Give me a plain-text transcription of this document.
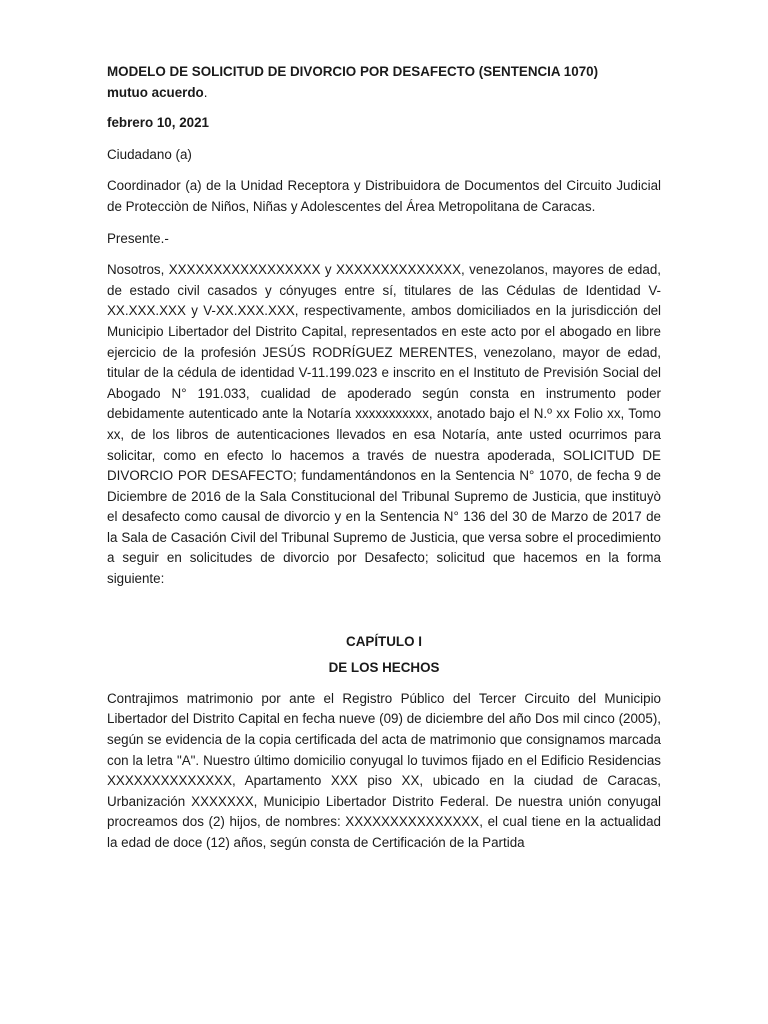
MODELO DE SOLICITUD DE DIVORCIO POR DESAFECTO (SENTENCIA 1070)

mutuo acuerdo.

febrero 10, 2021

Ciudadano (a)

Coordinador (a) de la Unidad Receptora y Distribuidora de Documentos del Circuito Judicial de Protecciòn de Niños, Niñas y Adolescentes del Área Metropolitana de Caracas.

Presente.-

Nosotros, XXXXXXXXXXXXXXXXX y XXXXXXXXXXXXXX, venezolanos, mayores de edad, de estado civil casados y cónyuges entre sí, titulares de las Cédulas de Identidad V-XX.XXX.XXX y V-XX.XXX.XXX, respectivamente, ambos domiciliados en la jurisdicción del Municipio Libertador del Distrito Capital, representados en este acto por el abogado en libre ejercicio de la profesión JESÚS RODRÍGUEZ MERENTES, venezolano, mayor de edad, titular de la cédula de identidad V-11.199.023 e inscrito en el Instituto de Previsión Social del Abogado N° 191.033, cualidad de apoderado según consta en instrumento poder debidamente autenticado ante la Notaría xxxxxxxxxxx, anotado bajo el N.º xx Folio xx, Tomo xx, de los libros de autenticaciones llevados en esa Notaría, ante usted ocurrimos para solicitar, como en efecto lo hacemos a través de nuestra apoderada, SOLICITUD DE DIVORCIO POR DESAFECTO; fundamentándonos en la Sentencia N° 1070, de fecha 9 de Diciembre de 2016 de la Sala Constitucional del Tribunal Supremo de Justicia, que instituyò el desafecto como causal de divorcio y en la Sentencia N° 136 del 30 de Marzo de 2017 de la Sala de Casación Civil del Tribunal Supremo de Justicia, que versa sobre el procedimiento a seguir en solicitudes de divorcio por Desafecto; solicitud que hacemos en la forma siguiente:

CAPÍTULO I

DE LOS HECHOS

Contrajimos matrimonio por ante el Registro Público del Tercer Circuito del Municipio Libertador del Distrito Capital en fecha nueve (09) de diciembre del año Dos mil cinco (2005), según se evidencia de la copia certificada del acta de matrimonio que consignamos marcada con la letra "A". Nuestro último domicilio conyugal lo tuvimos fijado en el Edificio Residencias XXXXXXXXXXXXXX, Apartamento XXX piso XX, ubicado en la ciudad de Caracas, Urbanización XXXXXXX, Municipio Libertador Distrito Federal. De nuestra unión conyugal procreamos dos (2) hijos, de nombres: XXXXXXXXXXXXXXX, el cual tiene en la actualidad la edad de doce (12) años, según consta de Certificación de la Partida
